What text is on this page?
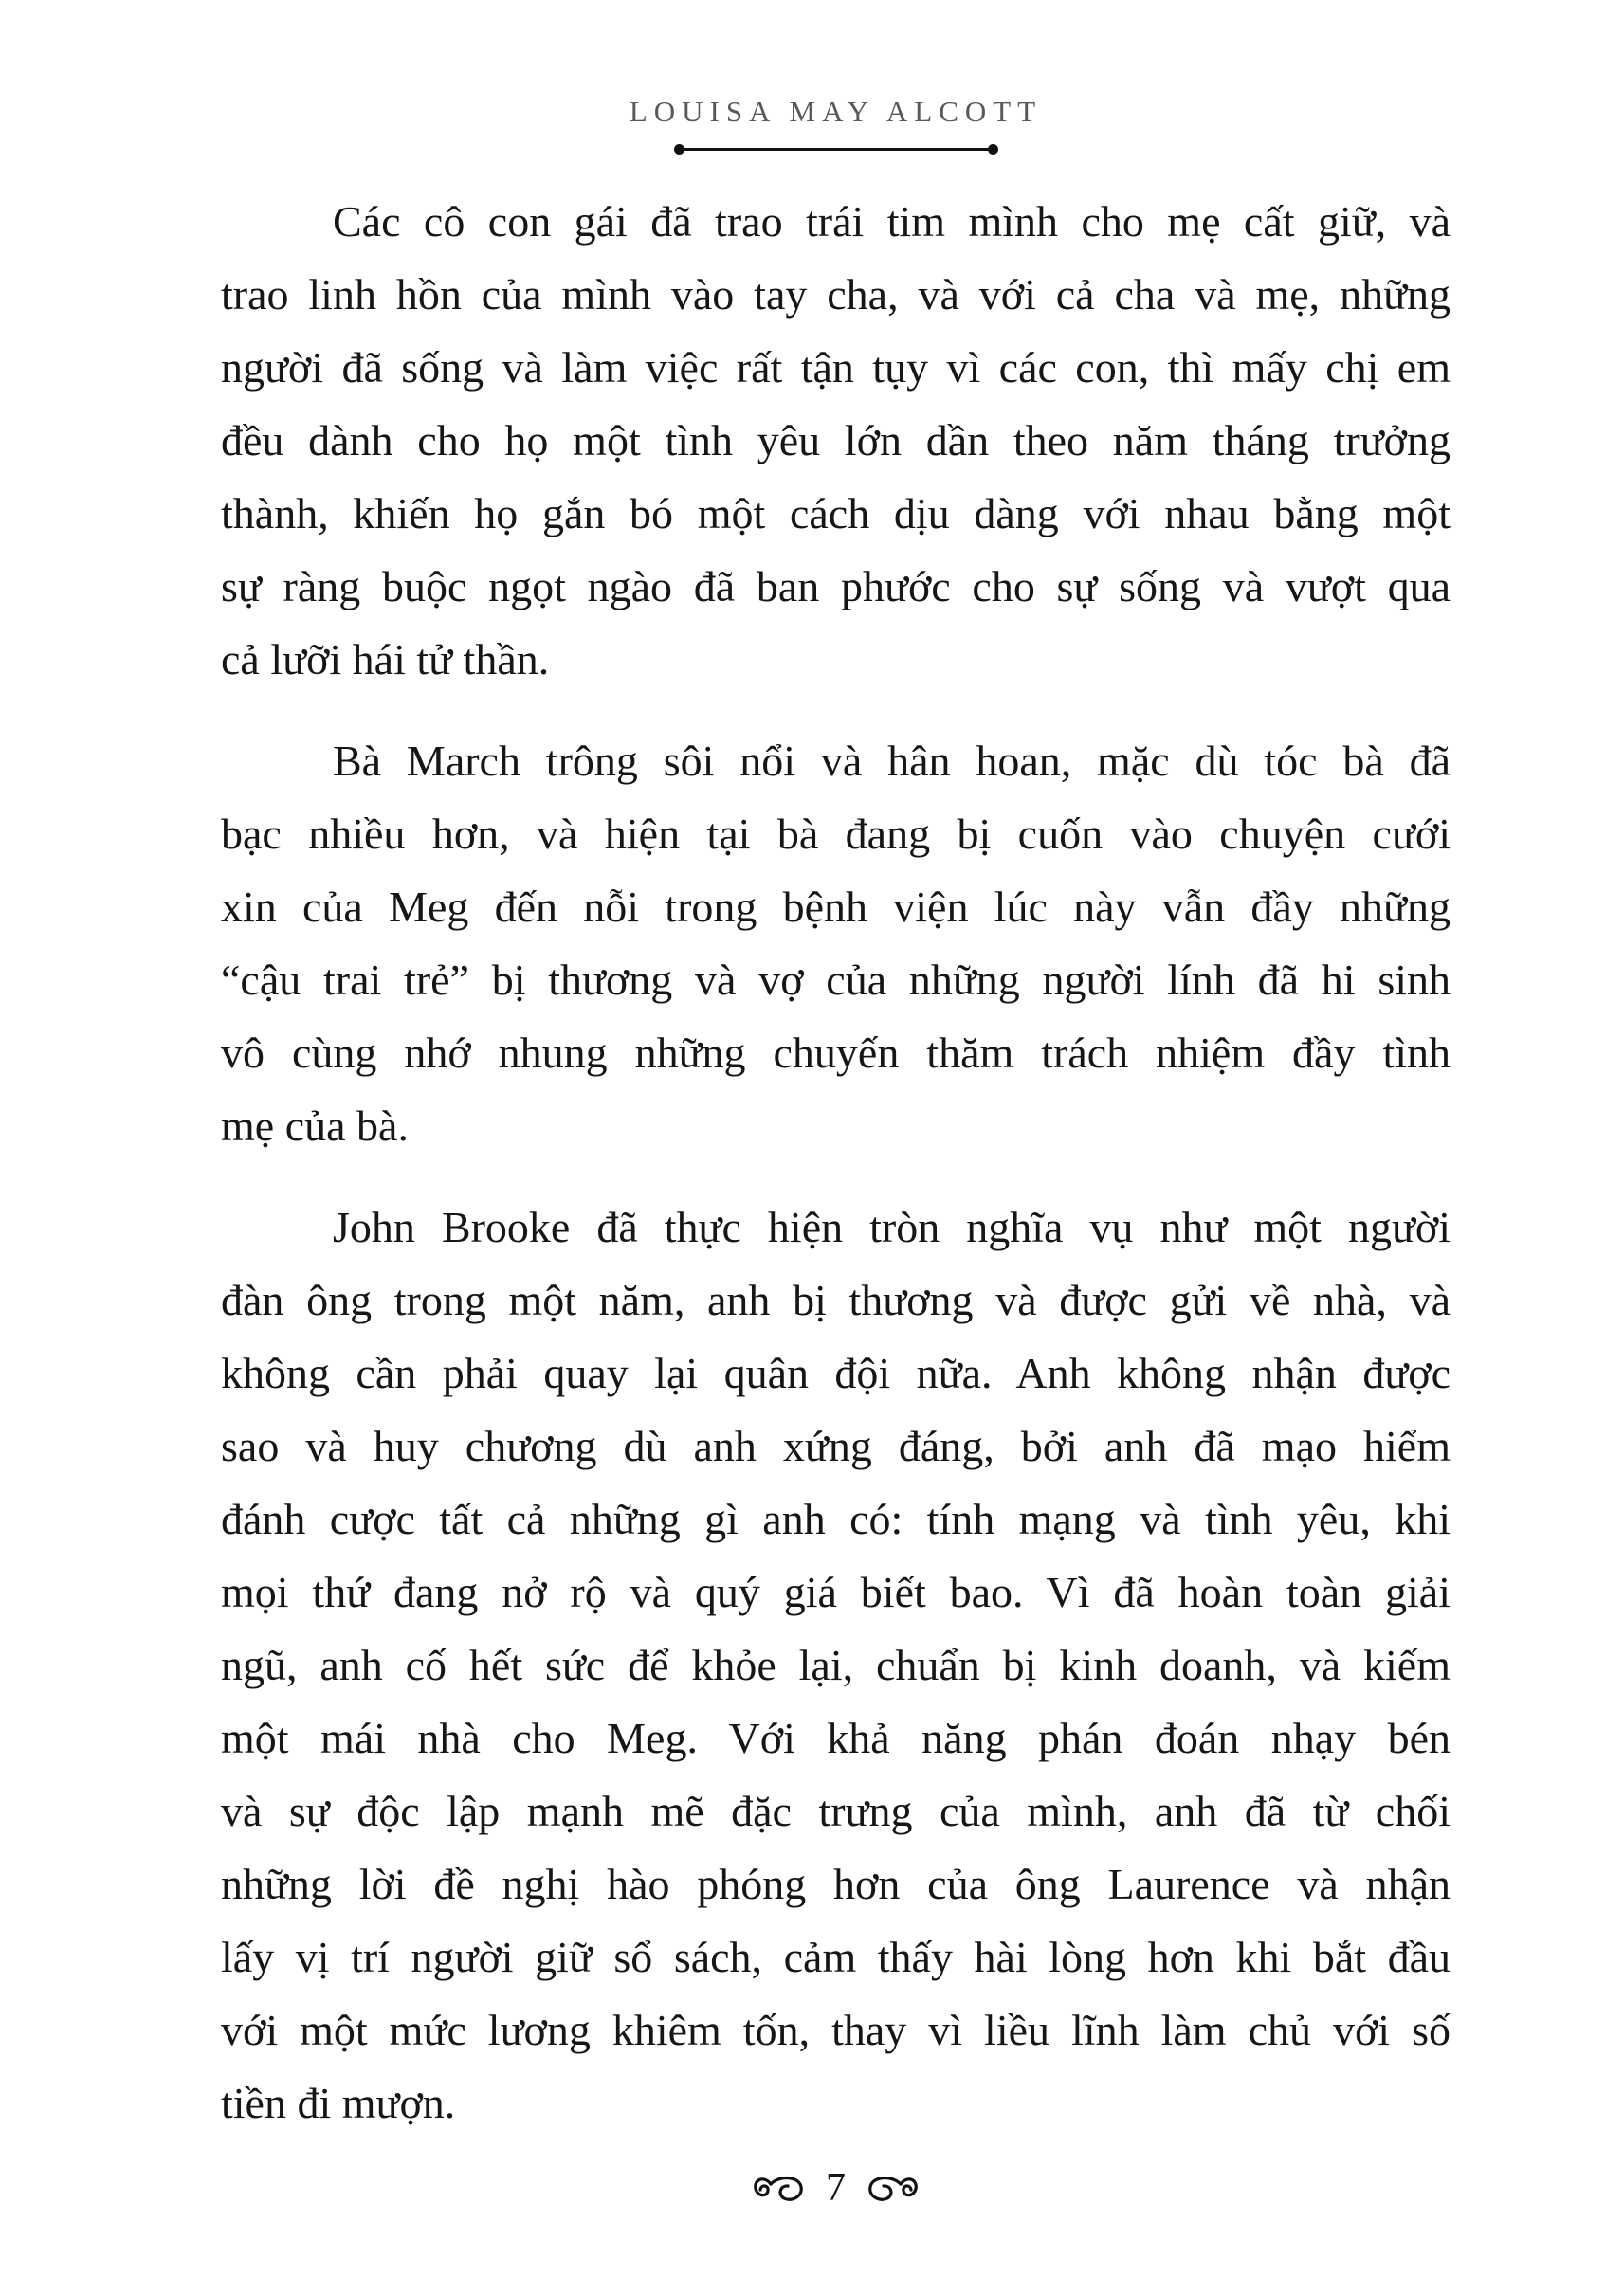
LOUISA MAY ALCOTT

Các cô con gái đã trao trái tim mình cho mẹ cất giữ, và
trao linh hồn của mình vào tay cha, và với cả cha và mẹ, những
người đã sống và làm việc rất tận tụy vì các con, thì mấy chị em
đều dành cho họ một tình yêu lớn dần theo năm tháng trưởng
thành, khiến họ gắn bó một cách dịu dàng với nhau bằng một
sự ràng buộc ngọt ngào đã ban phước cho sự sống và vượt qua
cả lưỡi hái tử thần.

Bà March trông sôi nổi và hân hoan, mặc dù tóc bà đã
bạc nhiều hơn, và hiện tại bà đang bị cuốn vào chuyện cưới
xin của Meg đến nỗi trong bệnh viện lúc này vẫn đầy những
“cậu trai trẻ” bị thương và vợ của những người lính đã hi sinh
vô cùng nhớ nhung những chuyến thăm trách nhiệm đầy tình
mẹ của bà.

John Brooke đã thực hiện tròn nghĩa vụ như một người
đàn ông trong một năm, anh bị thương và được gửi về nhà, và
không cần phải quay lại quân đội nữa. Anh không nhận được
sao và huy chương dù anh xứng đáng, bởi anh đã mạo hiểm
đánh cược tất cả những gì anh có: tính mạng và tình yêu, khi
mọi thứ đang nở rộ và quý giá biết bao. Vì đã hoàn toàn giải
ngũ, anh cố hết sức để khỏe lại, chuẩn bị kinh doanh, và kiếm
một mái nhà cho Meg. Với khả năng phán đoán nhạy bén
và sự độc lập mạnh mẽ đặc trưng của mình, anh đã từ chối
những lời đề nghị hào phóng hơn của ông Laurence và nhận
lấy vị trí người giữ sổ sách, cảm thấy hài lòng hơn khi bắt đầu
với một mức lương khiêm tốn, thay vì liều lĩnh làm chủ với số
tiền đi mượn.

7
